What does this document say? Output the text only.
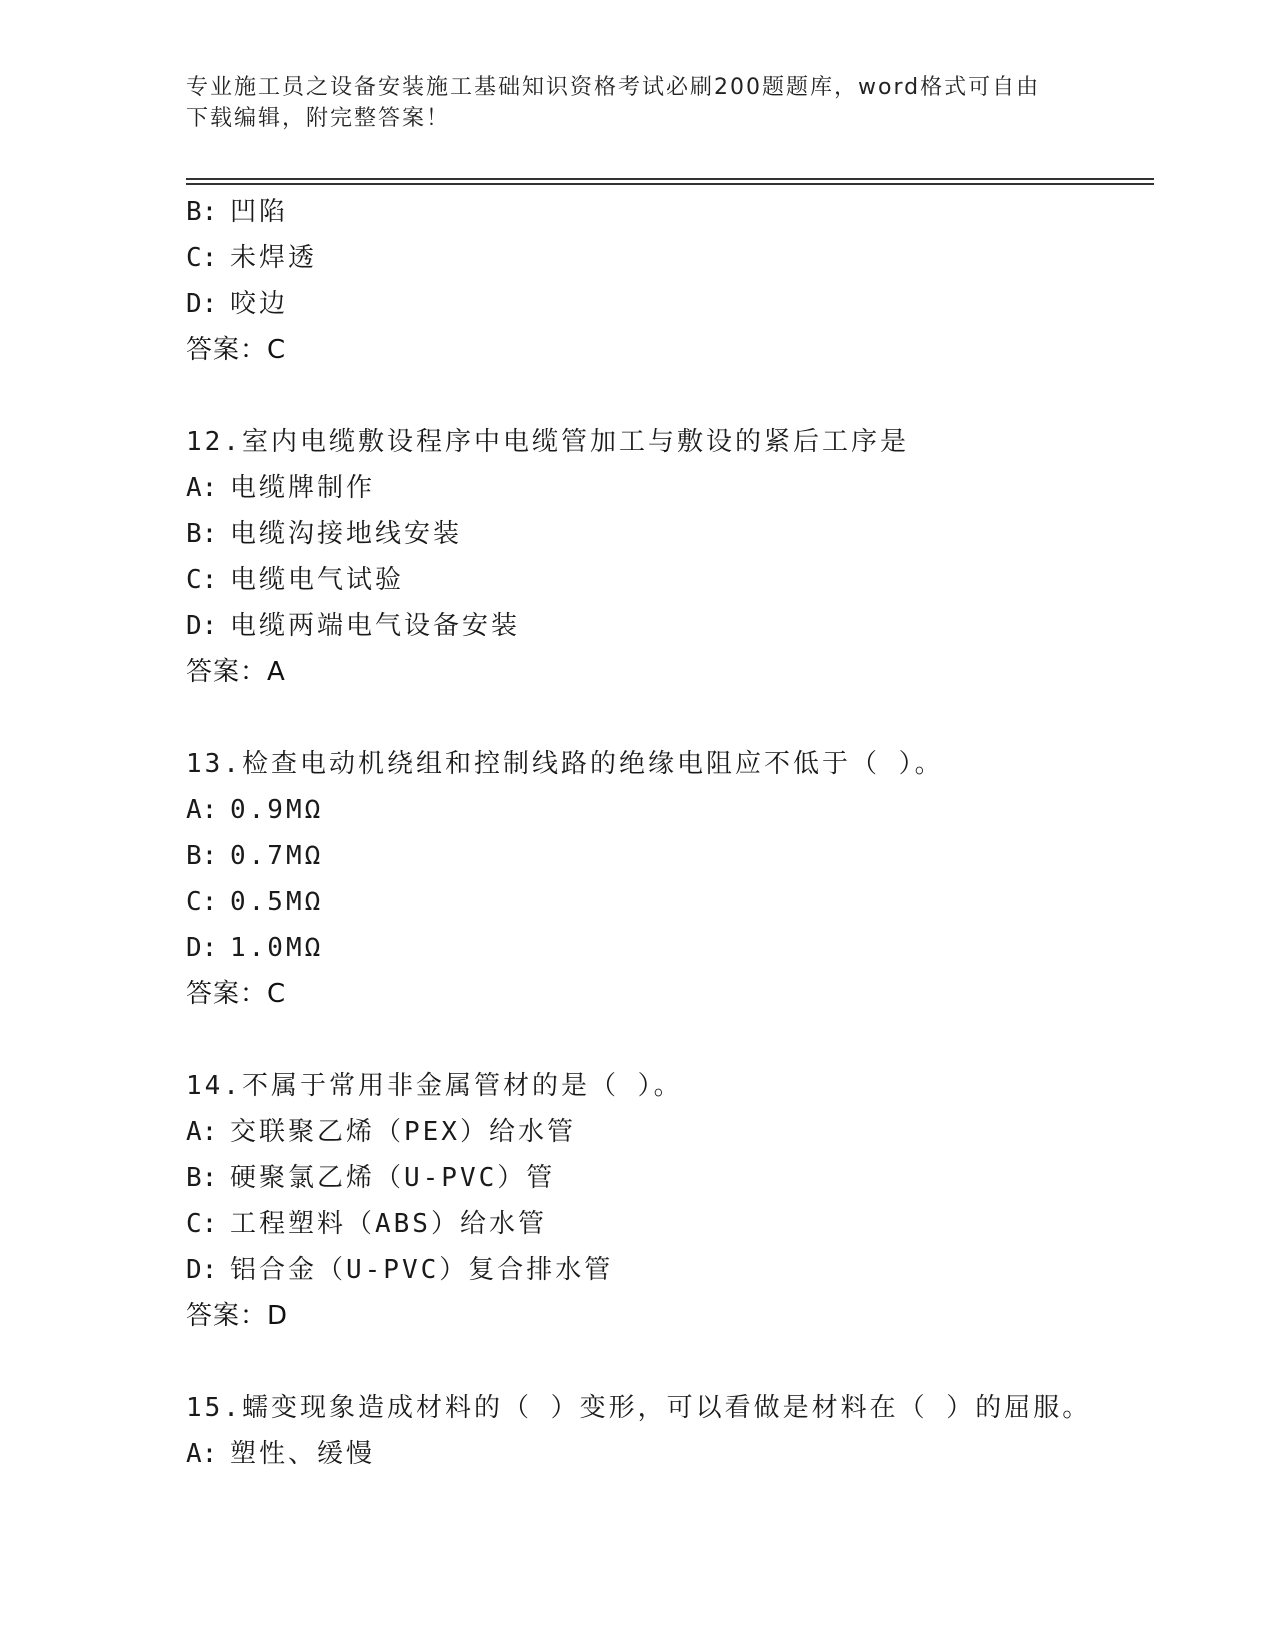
专业施工员之设备安装施工基础知识资格考试必刷200题题库，word格式可自由
下载编辑，附完整答案！
B: 凹陷
C: 未焊透
D: 咬边
答案：C
12.室内电缆敷设程序中电缆管加工与敷设的紧后工序是
A: 电缆牌制作
B: 电缆沟接地线安装
C: 电缆电气试验
D: 电缆两端电气设备安装
答案：A
13.检查电动机绕组和控制线路的绝缘电阻应不低于（ ）。
A: 0.9MΩ
B: 0.7MΩ
C: 0.5MΩ
D: 1.0MΩ
答案：C
14.不属于常用非金属管材的是（ ）。
A: 交联聚乙烯（PEX）给水管
B: 硬聚氯乙烯（U-PVC）管
C: 工程塑料（ABS）给水管
D: 铝合金（U-PVC）复合排水管
答案：D
15.蠕变现象造成材料的（ ）变形，可以看做是材料在（ ）的屈服。
A: 塑性、缓慢
